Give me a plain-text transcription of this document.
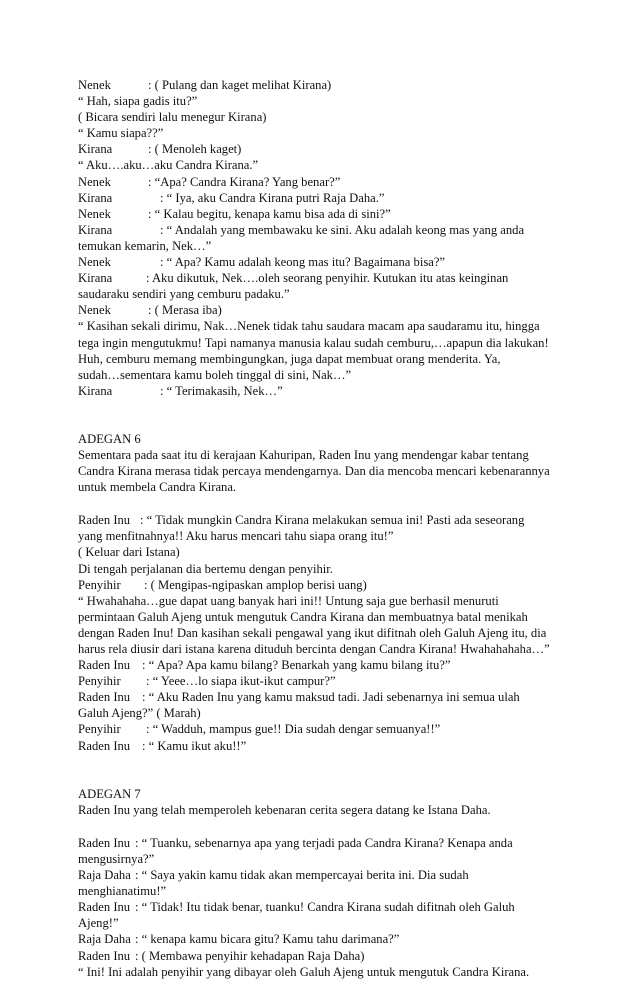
Nenek	: ( Pulang dan kaget melihat Kirana)
“ Hah, siapa gadis itu?”
( Bicara sendiri lalu menegur Kirana)
“ Kamu siapa??”
Kirana	: ( Menoleh kaget)
“ Aku….aku…aku Candra Kirana.”
Nenek	: “Apa? Candra Kirana? Yang benar?”
Kirana	: “ Iya, aku Candra Kirana putri Raja Daha.”
Nenek	: “ Kalau begitu, kenapa kamu bisa ada di sini?”
Kirana	: “ Andalah yang membawaku ke sini. Aku adalah keong mas yang anda
temukan kemarin, Nek…”
Nenek	: “ Apa? Kamu adalah keong mas itu? Bagaimana bisa?”
Kirana	: Aku dikutuk, Nek….oleh seorang penyihir. Kutukan itu atas keinginan
saudaraku sendiri yang cemburu padaku.”
Nenek	: ( Merasa iba)
“ Kasihan sekali dirimu, Nak…Nenek tidak tahu saudara macam apa saudaramu itu, hingga
tega ingin mengutukmu! Tapi namanya manusia kalau sudah cemburu,…apapun dia lakukan!
Huh, cemburu memang membingungkan, juga dapat membuat orang menderita. Ya,
sudah…sementara kamu boleh tinggal di sini, Nak…”
Kirana	: “ Terimakasih, Nek…”
ADEGAN 6
Sementara pada saat itu di kerajaan Kahuripan, Raden Inu yang mendengar kabar tentang
Candra Kirana merasa tidak percaya mendengarnya. Dan dia mencoba mencari kebenarannya
untuk membela Candra Kirana.
Raden Inu : “ Tidak mungkin Candra Kirana melakukan semua ini! Pasti ada seseorang
yang menfitnahnya!! Aku harus mencari tahu siapa orang itu!”
( Keluar dari Istana)
Di tengah perjalanan dia bertemu dengan penyihir.
Penyihir : ( Mengipas-ngipaskan amplop berisi uang)
“ Hwahahaha…gue dapat uang banyak hari ini!! Untung saja gue berhasil menuruti
permintaan Galuh Ajeng untuk mengutuk Candra Kirana dan membuatnya batal menikah
dengan Raden Inu! Dan kasihan sekali pengawal yang ikut difitnah oleh Galuh Ajeng itu, dia
harus rela diusir dari istana karena dituduh bercinta dengan Candra Kirana! Hwahahahaha…”
Raden Inu : “ Apa? Apa kamu bilang? Benarkah yang kamu bilang itu?”
Penyihir : “ Yeee…lo siapa ikut-ikut campur?”
Raden Inu : “ Aku Raden Inu yang kamu maksud tadi. Jadi sebenarnya ini semua ulah
Galuh Ajeng?” ( Marah)
Penyihir : “ Wadduh, mampus gue!! Dia sudah dengar semuanya!!”
Raden Inu : “ Kamu ikut aku!!”
ADEGAN 7
Raden Inu yang telah memperoleh kebenaran cerita segera datang ke Istana Daha.
Raden Inu : “ Tuanku, sebenarnya apa yang terjadi pada Candra Kirana? Kenapa anda
mengusirnya?”
Raja Daha : “ Saya yakin kamu tidak akan mempercayai berita ini. Dia sudah
menghianatimu!”
Raden Inu : “ Tidak! Itu tidak benar, tuanku! Candra Kirana sudah difitnah oleh Galuh
Ajeng!”
Raja Daha : “ kenapa kamu bicara gitu? Kamu tahu darimana?”
Raden Inu : ( Membawa penyihir kehadapan Raja Daha)
“ Ini! Ini adalah penyihir yang dibayar oleh Galuh Ajeng untuk mengutuk Candra Kirana.
